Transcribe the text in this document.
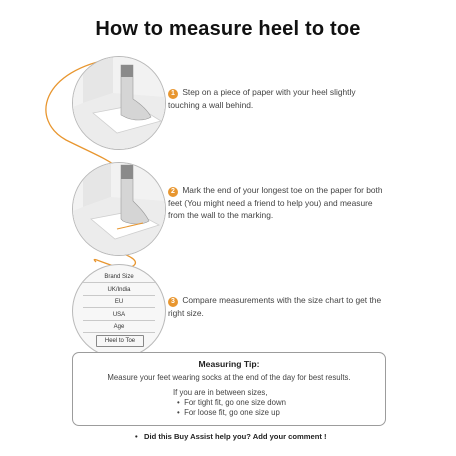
How to measure heel to toe
Brand Size
UK/India
EU
USA
Age
Heel to Toe
1 Step on a piece of paper with your heel slightly touching a wall behind.
2 Mark the end of your longest toe on the paper for both feet (You might need a friend to help you) and measure from the wall to the marking.
3 Compare measurements with the size chart to get the right size.
Measuring Tip:
Measure your feet wearing socks at the end of the day for best results.
If you are in between sizes,
•  For tight fit, go one size down
•  For loose fit, go one size up
•   Did this Buy Assist help you? Add your comment !
